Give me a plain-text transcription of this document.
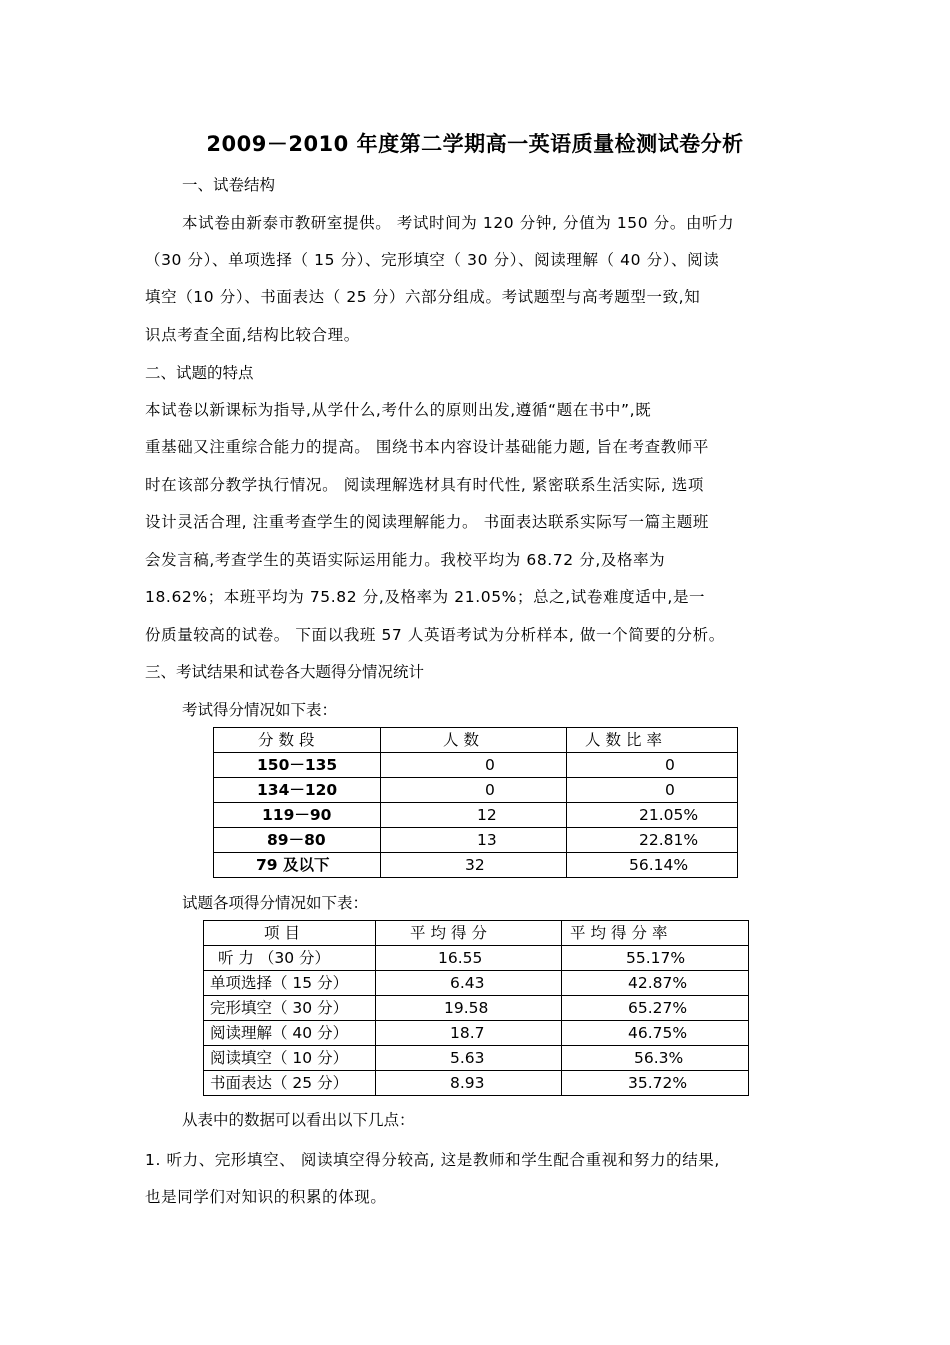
2009－2010 年度第二学期高一英语质量检测试卷分析
一、试卷结构
本试卷由新泰市教研室提供。 考试时间为 120 分钟, 分值为 150 分。由听力
（30 分）、单项选择（ 15 分）、完形填空（ 30 分）、阅读理解（ 40 分）、阅读
填空（10 分）、书面表达（ 25 分）六部分组成。考试题型与高考题型一致,知
识点考查全面,结构比较合理。
二、试题的特点
本试卷以新课标为指导,从学什么,考什么的原则出发,遵循“题在书中”,既
重基础又注重综合能力的提高。 围绕书本内容设计基础能力题, 旨在考查教师平
时在该部分教学执行情况。 阅读理解选材具有时代性, 紧密联系生活实际, 选项
设计灵活合理, 注重考查学生的阅读理解能力。 书面表达联系实际写一篇主题班
会发言稿,考查学生的英语实际运用能力。我校平均为 68.72 分,及格率为
18.62%；本班平均为 75.82 分,及格率为 21.05%；总之,试卷难度适中,是一
份质量较高的试卷。 下面以我班 57 人英语考试为分析样本, 做一个简要的分析。
三、考试结果和试卷各大题得分情况统计
考试得分情况如下表：
分数段	人数	人数比率
150－135	0	0
134－120	0	0
119－90	12	21.05%
89－80	13	22.81%
79 及以下	32	56.14%
试题各项得分情况如下表：
项目	平均得分	平均得分率
听 力 （30 分）	16.55	55.17%
单项选择（ 15 分）	6.43	42.87%
完形填空（ 30 分）	19.58	65.27%
阅读理解（ 40 分）	18.7	46.75%
阅读填空（ 10 分）	5.63	56.3%
书面表达（ 25 分）	8.93	35.72%
从表中的数据可以看出以下几点：
1. 听力、完形填空、 阅读填空得分较高, 这是教师和学生配合重视和努力的结果,
也是同学们对知识的积累的体现。
